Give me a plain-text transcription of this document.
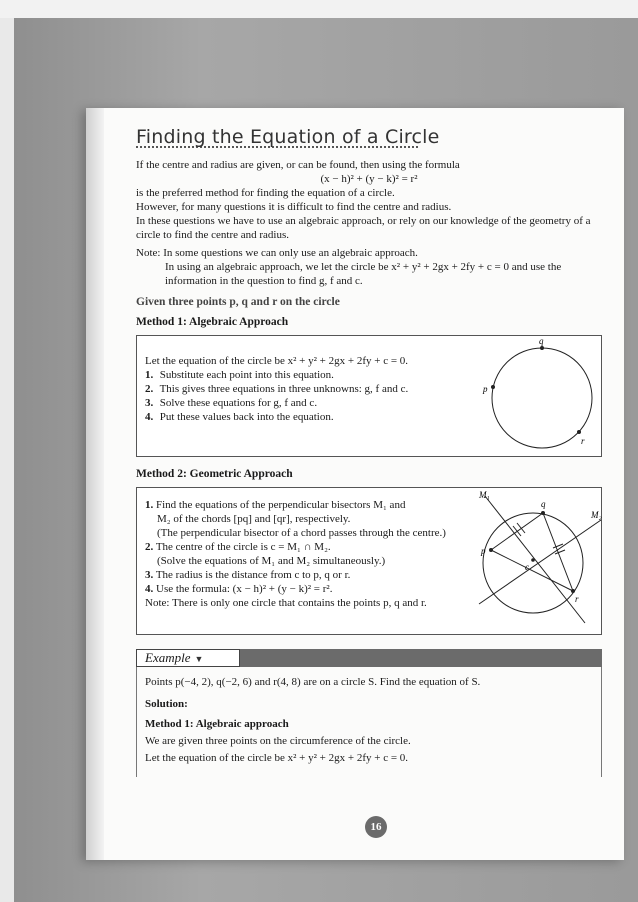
Finding the Equation of a Circle

If the centre and radius are given, or can be found, then using the formula

(x − h)² + (y − k)² = r²

is the preferred method for finding the equation of a circle.

However, for many questions it is difficult to find the centre and radius.

In these questions we have to use an algebraic approach, or rely on our knowledge of the geometry of a circle to find the centre and radius.

Note: In some questions we can only use an algebraic approach.

In using an algebraic approach, we let the circle be x² + y² + 2gx + 2fy + c = 0 and use the information in the question to find g, f and c.

Given three points p, q and r on the circle

Method 1: Algebraic Approach

Let the equation of the circle be x² + y² + 2gx + 2fy + c = 0.

1. Substitute each point into this equation.
2. This gives three equations in three unknowns: g, f and c.
3. Solve these equations for g, f and c.
4. Put these values back into the equation.
q
p
r

Method 2: Geometric Approach

1. Find the equations of the perpendicular bisectors M₁ and

M₂ of the chords [pq] and [qr], respectively.

(The perpendicular bisector of a chord passes through the centre.)

2. The centre of the circle is c = M₁ ∩ M₂.

(Solve the equations of M₁ and M₂ simultaneously.)

3. The radius is the distance from c to p, q or r.

4. Use the formula: (x − h)² + (y − k)² = r².

Note: There is only one circle that contains the points p, q and r.

M₁
M₂
q
p
r
c
Example ▼

Points p(−4, 2), q(−2, 6) and r(4, 8) are on a circle S. Find the equation of S.

Solution:

Method 1: Algebraic approach

We are given three points on the circumference of the circle.

Let the equation of the circle be x² + y² + 2gx + 2fy + c = 0.

16
